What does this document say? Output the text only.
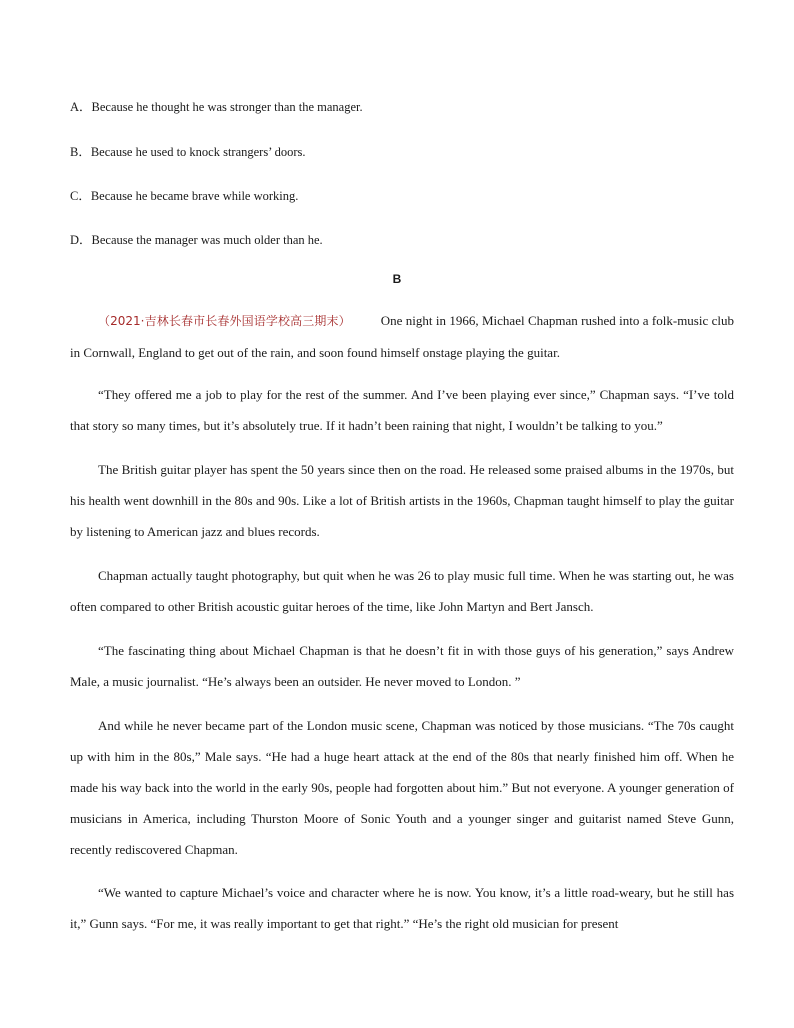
A．Because he thought he was stronger than the manager.
B．Because he used to knock strangers’ doors.
C．Because he became brave while working.
D．Because the manager was much older than he.
B
（2021·吉林长春市长春外国语学校高三期末） One night in 1966, Michael Chapman rushed into a folk-music club in Cornwall, England to get out of the rain, and soon found himself onstage playing the guitar.
“They offered me a job to play for the rest of the summer. And I’ve been playing ever since,” Chapman says. “I’ve told that story so many times, but it’s absolutely true. If it hadn’t been raining that night, I wouldn’t be talking to you.”
The British guitar player has spent the 50 years since then on the road. He released some praised albums in the 1970s, but his health went downhill in the 80s and 90s. Like a lot of British artists in the 1960s, Chapman taught himself to play the guitar by listening to American jazz and blues records.
Chapman actually taught photography, but quit when he was 26 to play music full time. When he was starting out, he was often compared to other British acoustic guitar heroes of the time, like John Martyn and Bert Jansch.
“The fascinating thing about Michael Chapman is that he doesn’t fit in with those guys of his generation,” says Andrew Male, a music journalist. “He’s always been an outsider. He never moved to London. ”
And while he never became part of the London music scene, Chapman was noticed by those musicians. “The 70s caught up with him in the 80s,” Male says. “He had a huge heart attack at the end of the 80s that nearly finished him off. When he made his way back into the world in the early 90s, people had forgotten about him.” But not everyone. A younger generation of musicians in America, including Thurston Moore of Sonic Youth and a younger singer and guitarist named Steve Gunn, recently rediscovered Chapman.
“We wanted to capture Michael’s voice and character where he is now. You know, it’s a little road-weary, but he still has it,” Gunn says. “For me, it was really important to get that right.” “He’s the right old musician for present
